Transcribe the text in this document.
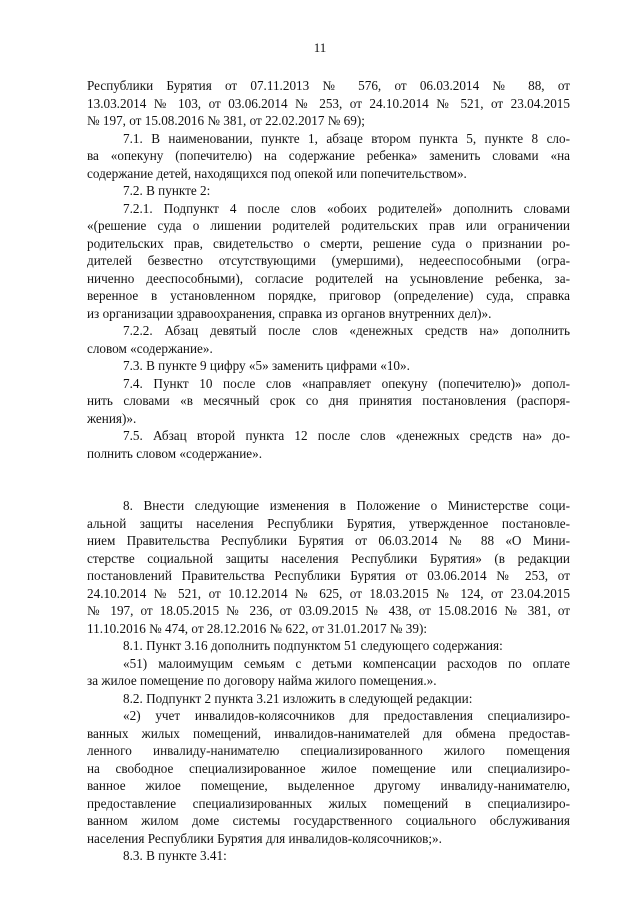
11
Республики Бурятия от 07.11.2013 № 576, от 06.03.2014 № 88, от
13.03.2014 № 103, от 03.06.2014 № 253, от 24.10.2014 № 521, от 23.04.2015
№ 197, от 15.08.2016 № 381, от 22.02.2017 № 69);
7.1. В наименовании, пункте 1, абзаце втором пункта 5, пункте 8 сло-
ва «опекуну (попечителю) на содержание ребенка» заменить словами «на
содержание детей, находящихся под опекой или попечительством».
7.2. В пункте 2:
7.2.1. Подпункт 4 после слов «обоих родителей» дополнить словами
«(решение суда о лишении родителей родительских прав или ограничении
родительских прав, свидетельство о смерти, решение суда о признании ро-
дителей безвестно отсутствующими (умершими), недееспособными (огра-
ниченно дееспособными), согласие родителей на усыновление ребенка, за-
веренное в установленном порядке, приговор (определение) суда, справка
из организации здравоохранения, справка из органов внутренних дел)».
7.2.2. Абзац девятый после слов «денежных средств на» дополнить
словом «содержание».
7.3. В пункте 9 цифру «5» заменить цифрами «10».
7.4. Пункт 10 после слов «направляет опекуну (попечителю)» допол-
нить словами «в месячный срок со дня принятия постановления (распоря-
жения)».
7.5. Абзац второй пункта 12 после слов «денежных средств на» до-
полнить словом «содержание».
8. Внести следующие изменения в Положение о Министерстве соци-
альной защиты населения Республики Бурятия, утвержденное постановле-
нием Правительства Республики Бурятия от 06.03.2014 № 88 «О Мини-
стерстве социальной защиты населения Республики Бурятия» (в редакции
постановлений Правительства Республики Бурятия от 03.06.2014 № 253, от
24.10.2014 № 521, от 10.12.2014 № 625, от 18.03.2015 № 124, от 23.04.2015
№ 197, от 18.05.2015 № 236, от 03.09.2015 № 438, от 15.08.2016 № 381, от
11.10.2016 № 474, от 28.12.2016 № 622, от 31.01.2017 № 39):
8.1. Пункт 3.16 дополнить подпунктом 51 следующего содержания:
«51) малоимущим семьям с детьми компенсации расходов по оплате
за жилое помещение по договору найма жилого помещения.».
8.2. Подпункт 2 пункта 3.21 изложить в следующей редакции:
«2) учет инвалидов-колясочников для предоставления специализиро-
ванных жилых помещений, инвалидов-нанимателей для обмена предостав-
ленного инвалиду-нанимателю специализированного жилого помещения
на свободное специализированное жилое помещение или специализиро-
ванное жилое помещение, выделенное другому инвалиду-нанимателю,
предоставление специализированных жилых помещений в специализиро-
ванном жилом доме системы государственного социального обслуживания
населения Республики Бурятия для инвалидов-колясочников;».
8.3. В пункте 3.41:
